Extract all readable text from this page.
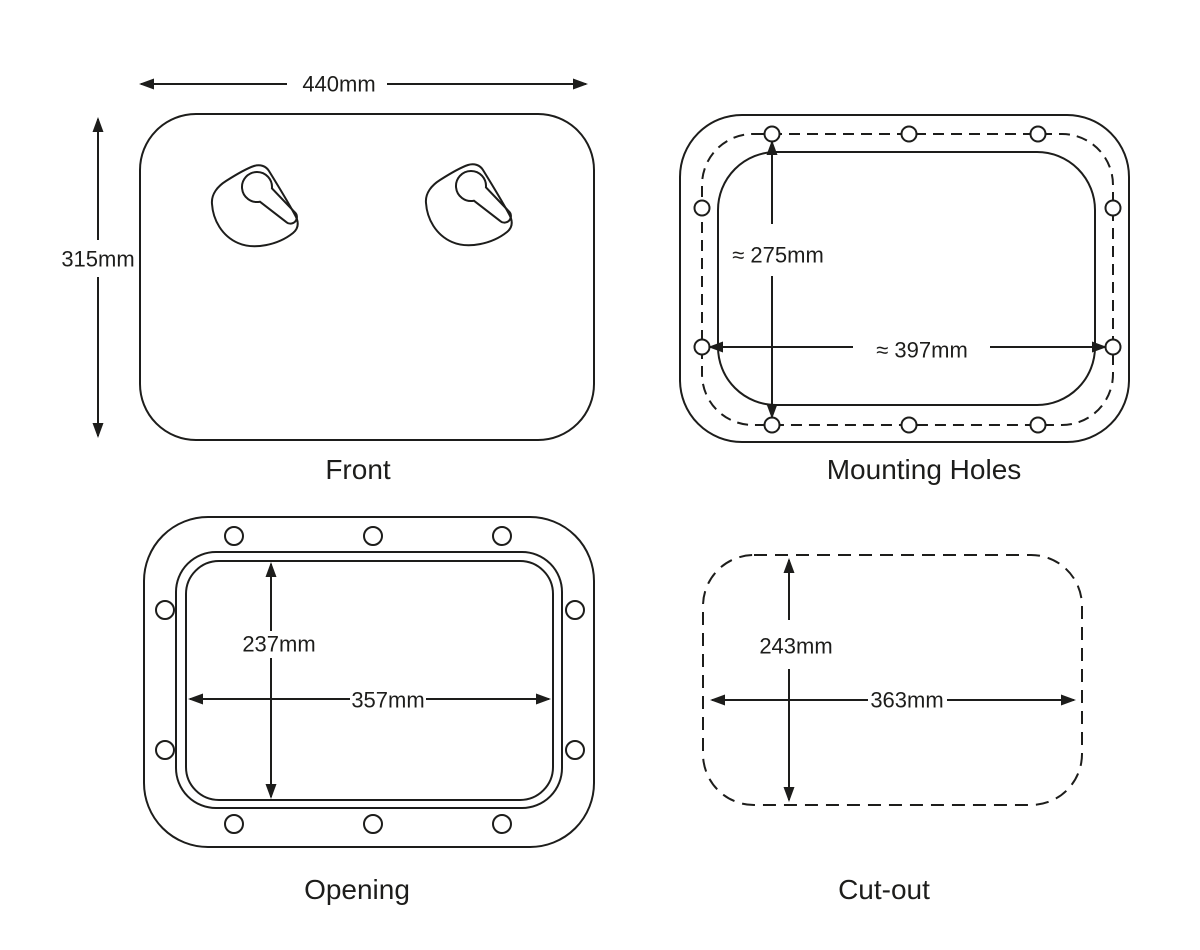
440mm
315mm
Front
≈ 275mm
≈ 397mm
Mounting Holes
237mm
357mm
Opening
243mm
363mm
Cut-out
